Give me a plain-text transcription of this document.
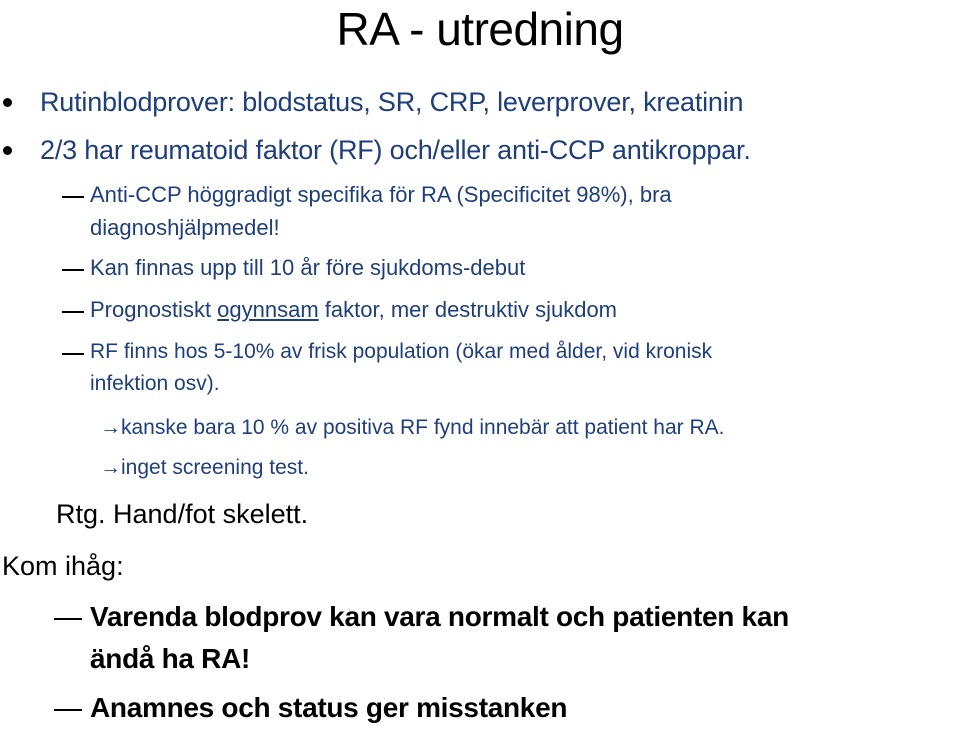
RA - utredning
Rutinblodprover: blodstatus, SR, CRP, leverprover, kreatinin
2/3 har reumatoid faktor (RF) och/eller anti-CCP antikroppar.
Anti-CCP höggradigt specifika för RA (Specificitet 98%), bra
diagnoshjälpmedel!
Kan finnas upp till 10 år före sjukdoms-debut
Prognostiskt ogynnsam faktor, mer destruktiv sjukdom
RF finns hos 5-10% av frisk population (ökar med ålder, vid kronisk
infektion osv).
→kanske bara 10 % av positiva RF fynd innebär att patient har RA.
→inget screening test.
Rtg. Hand/fot skelett.
Kom ihåg:
Varenda blodprov kan vara normalt och patienten kan
ändå ha RA!
Anamnes och status ger misstanken
